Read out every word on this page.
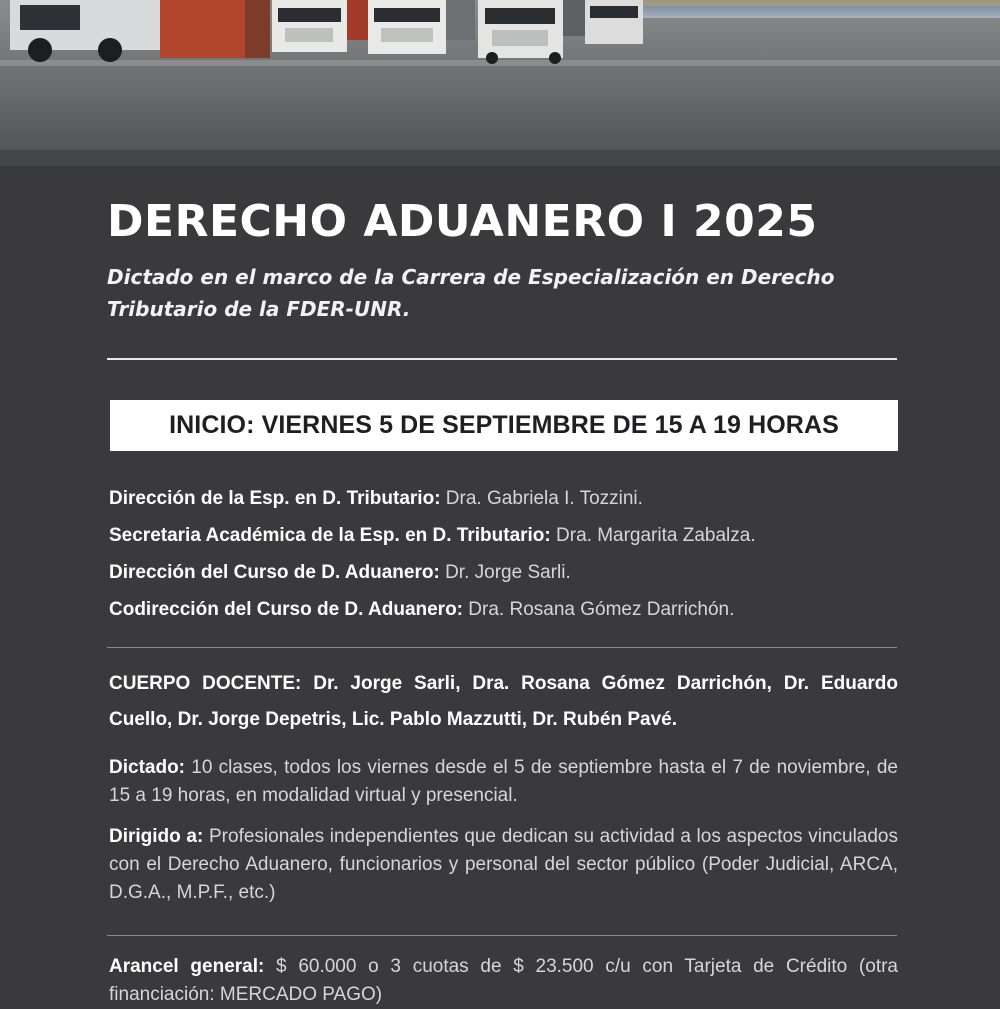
DERECHO ADUANERO I 2025

Dictado en el marco de la Carrera de Especialización en Derecho Tributario de la FDER-UNR.

INICIO: VIERNES 5 DE SEPTIEMBRE DE 15 A 19 HORAS
Dirección de la Esp. en D. Tributario: Dra. Gabriela I. Tozzini.
Secretaria Académica de la Esp. en D. Tributario: Dra. Margarita Zabalza.
Dirección del Curso de D. Aduanero: Dr. Jorge Sarli.
Codirección del Curso de D. Aduanero: Dra. Rosana Gómez Darrichón.
CUERPO DOCENTE: Dr. Jorge Sarli, Dra. Rosana Gómez Darrichón, Dr. Eduardo Cuello, Dr. Jorge Depetris, Lic. Pablo Mazzutti, Dr. Rubén Pavé.
Dictado: 10 clases, todos los viernes desde el 5 de septiembre hasta el 7 de noviembre, de 15 a 19 horas, en modalidad virtual y presencial.
Dirigido a: Profesionales independientes que dedican su actividad a los aspectos vinculados con el Derecho Aduanero, funcionarios y personal del sector público (Poder Judicial, ARCA, D.G.A., M.P.F., etc.)
Arancel general: $ 60.000 o 3 cuotas de $ 23.500 c/u con Tarjeta de Crédito (otra financiación: MERCADO PAGO)
